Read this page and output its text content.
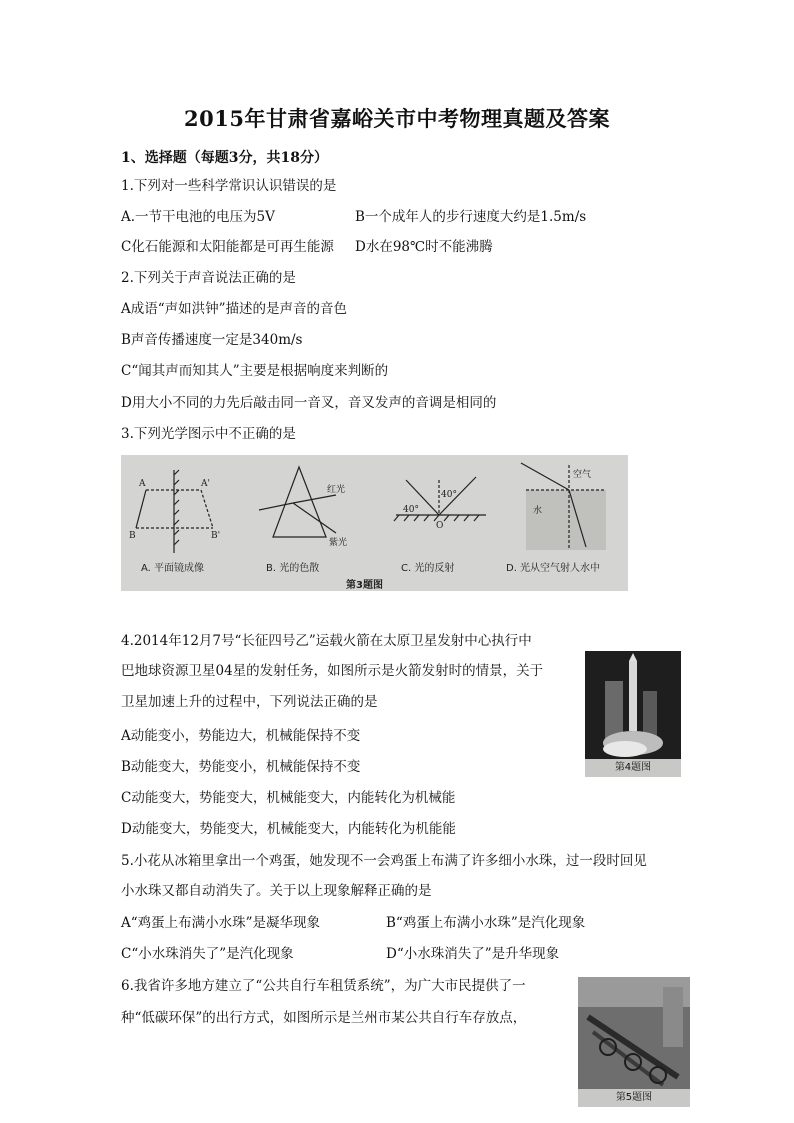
2015年甘肃省嘉峪关市中考物理真题及答案
1、选择题（每题3分，共18分）
1.下列对一些科学常识认识错误的是
A.一节干电池的电压为5V	B一个成年人的步行速度大约是1.5m/s
C化石能源和太阳能都是可再生能源 D水在98℃时不能沸腾
2.下列关于声音说法正确的是
A成语“声如洪钟”描述的是声音的音色
B声音传播速度一定是340m/s
C“闻其声而知其人”主要是根据响度来判断的
D用大小不同的力先后敲击同一音叉，音叉发声的音调是相同的
3.下列光学图示中不正确的是
A	A'
B	B'
红光
紫光
40°
40°
O
空气
水
A. 平面镜成像	B. 光的色散	C. 光的反射	D. 光从空气射人水中
第3题图
4.2014年12月7号“长征四号乙”运载火箭在太原卫星发射中心执行中
巴地球资源卫星04星的发射任务，如图所示是火箭发射时的情景，关于
卫星加速上升的过程中，下列说法正确的是
A动能变小，势能边大，机械能保持不变
B动能变大，势能变小，机械能保持不变
C动能变大，势能变大，机械能变大，内能转化为机械能
D动能变大，势能变大，机械能变大，内能转化为机能能
第4题图
5.小花从冰箱里拿出一个鸡蛋，她发现不一会鸡蛋上布满了许多细小水珠，过一段时回见
小水珠又都自动消失了。关于以上现象解释正确的是
A“鸡蛋上布满小水珠”是凝华现象	B“鸡蛋上布满小水珠”是汽化现象
C“小水珠消失了”是汽化现象	D“小水珠消失了”是升华现象
6.我省许多地方建立了“公共自行车租赁系统”，为广大市民提供了一
种“低碳环保”的出行方式，如图所示是兰州市某公共自行车存放点，
第5题图
